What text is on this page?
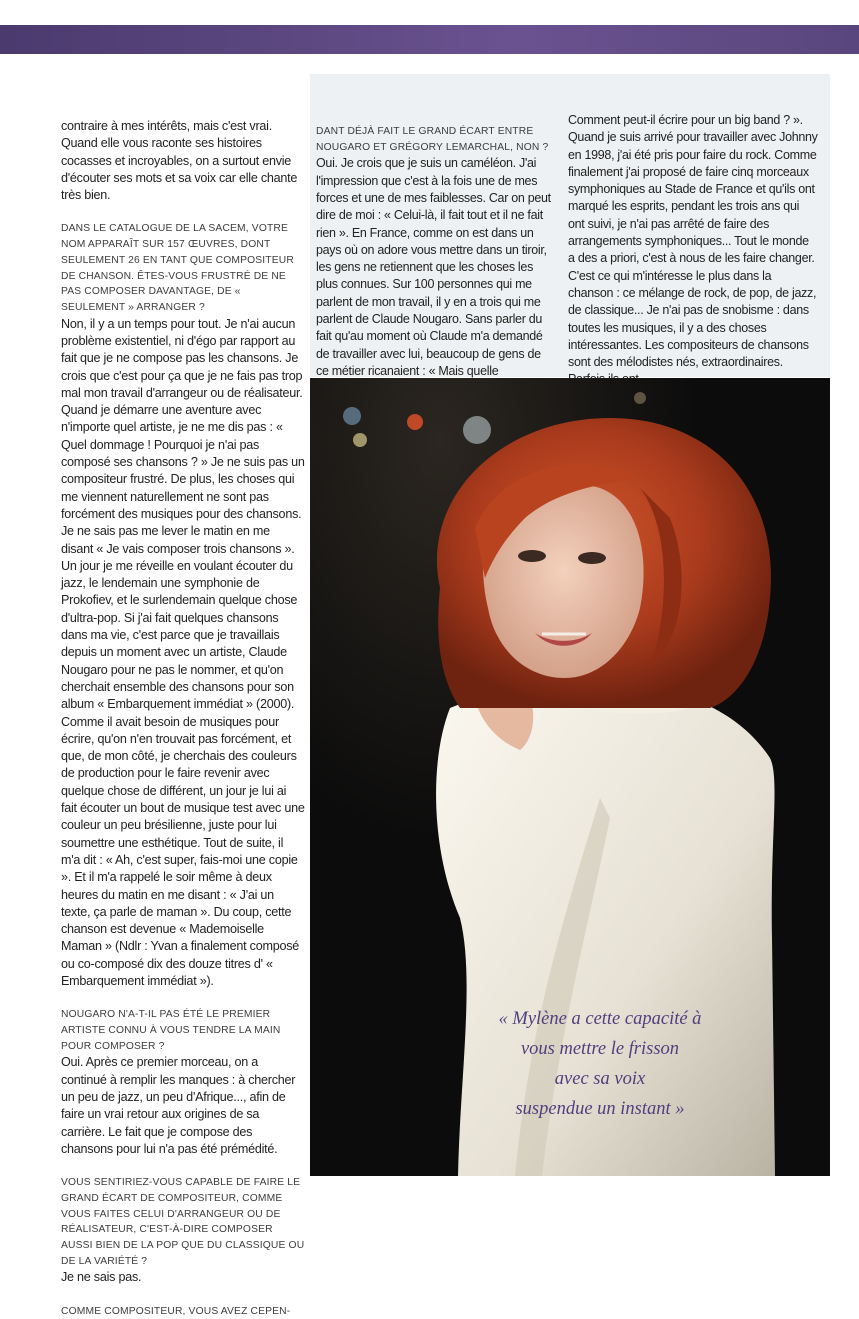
contraire à mes intérêts, mais c'est vrai. Quand elle vous raconte ses histoires cocasses et incroyables, on a surtout envie d'écouter ses mots et sa voix car elle chante très bien.

DANS LE CATALOGUE DE LA SACEM, VOTRE NOM APPARAÎT SUR 157 ŒUVRES, DONT SEULEMENT 26 EN TANT QUE COMPOSITEUR DE CHANSON. ÊTES-VOUS FRUSTRÉ DE NE PAS COMPOSER DAVANTAGE, DE « SEULEMENT » ARRANGER ?

Non, il y a un temps pour tout. Je n'ai aucun problème existentiel, ni d'égo par rapport au fait que je ne compose pas les chansons. Je crois que c'est pour ça que je ne fais pas trop mal mon travail d'arrangeur ou de réalisateur. Quand je démarre une aventure avec n'importe quel artiste, je ne me dis pas : « Quel dommage ! Pourquoi je n'ai pas composé ses chansons ? » Je ne suis pas un compositeur frustré. De plus, les choses qui me viennent naturellement ne sont pas forcément des musiques pour des chansons. Je ne sais pas me lever le matin en me disant « Je vais composer trois chansons ». Un jour je me réveille en voulant écouter du jazz, le lendemain une symphonie de Prokofiev, et le surlendemain quelque chose d'ultra-pop. Si j'ai fait quelques chansons dans ma vie, c'est parce que je travaillais depuis un moment avec un artiste, Claude Nougaro pour ne pas le nommer, et qu'on cherchait ensemble des chansons pour son album « Embarquement immédiat » (2000). Comme il avait besoin de musiques pour écrire, qu'on n'en trouvait pas forcément, et que, de mon côté, je cherchais des couleurs de production pour le faire revenir avec quelque chose de différent, un jour je lui ai fait écouter un bout de musique test avec une couleur un peu brésilienne, juste pour lui soumettre une esthétique. Tout de suite, il m'a dit : « Ah, c'est super, fais-moi une copie ». Et il m'a rappelé le soir même à deux heures du matin en me disant : « J'ai un texte, ça parle de maman ». Du coup, cette chanson est devenue « Mademoiselle Maman » (Ndlr : Yvan a finalement composé ou co-composé dix des douze titres d' « Embarquement immédiat »).

NOUGARO N'A-T-IL PAS ÉTÉ LE PREMIER ARTISTE CONNU À VOUS TENDRE LA MAIN POUR COMPOSER ?

Oui. Après ce premier morceau, on a continué à remplir les manques : à chercher un peu de jazz, un peu d'Afrique..., afin de faire un vrai retour aux origines de sa carrière. Le fait que je compose des chansons pour lui n'a pas été prémédité.

VOUS SENTIRIEZ-VOUS CAPABLE DE FAIRE LE GRAND ÉCART DE COMPOSITEUR, COMME VOUS FAITES CELUI D'ARRANGEUR OU DE RÉALISATEUR, C'EST-À-DIRE COMPOSER AUSSI BIEN DE LA POP QUE DU CLASSIQUE OU DE LA VARIÉTÉ ?

Je ne sais pas.

COMME COMPOSITEUR, VOUS AVEZ CEPEN-

DANT DÉJÀ FAIT LE GRAND ÉCART ENTRE NOUGARO ET GRÉGORY LEMARCHAL, NON ?

Oui. Je crois que je suis un caméléon. J'ai l'impression que c'est à la fois une de mes forces et une de mes faiblesses. Car on peut dire de moi : « Celui-là, il fait tout et il ne fait rien ». En France, comme on est dans un pays où on adore vous mettre dans un tiroir, les gens ne retiennent que les choses les plus connues. Sur 100 personnes qui me parlent de mon travail, il y en a trois qui me parlent de Claude Nougaro. Sans parler du fait qu'au moment où Claude m'a demandé de travailler avec lui, beaucoup de gens de ce métier ricanaient : « Mais quelle

Comment peut-il écrire pour un big band ? ». Quand je suis arrivé pour travailler avec Johnny en 1998, j'ai été pris pour faire du rock. Comme finalement j'ai proposé de faire cinq morceaux symphoniques au Stade de France et qu'ils ont marqué les esprits, pendant les trois ans qui ont suivi, je n'ai pas arrêté de faire des arrangements symphoniques... Tout le monde a des a priori, c'est à nous de les faire changer. C'est ce qui m'intéresse le plus dans la chanson : ce mélange de rock, de pop, de jazz, de classique... Je n'ai pas de snobisme : dans toutes les musiques, il y a des choses intéressantes. Les compositeurs de chansons sont des mélodistes nés, extraordinaires.

« Mylène a cette capacité à
vous mettre le frisson
avec sa voix
suspendue un instant »
